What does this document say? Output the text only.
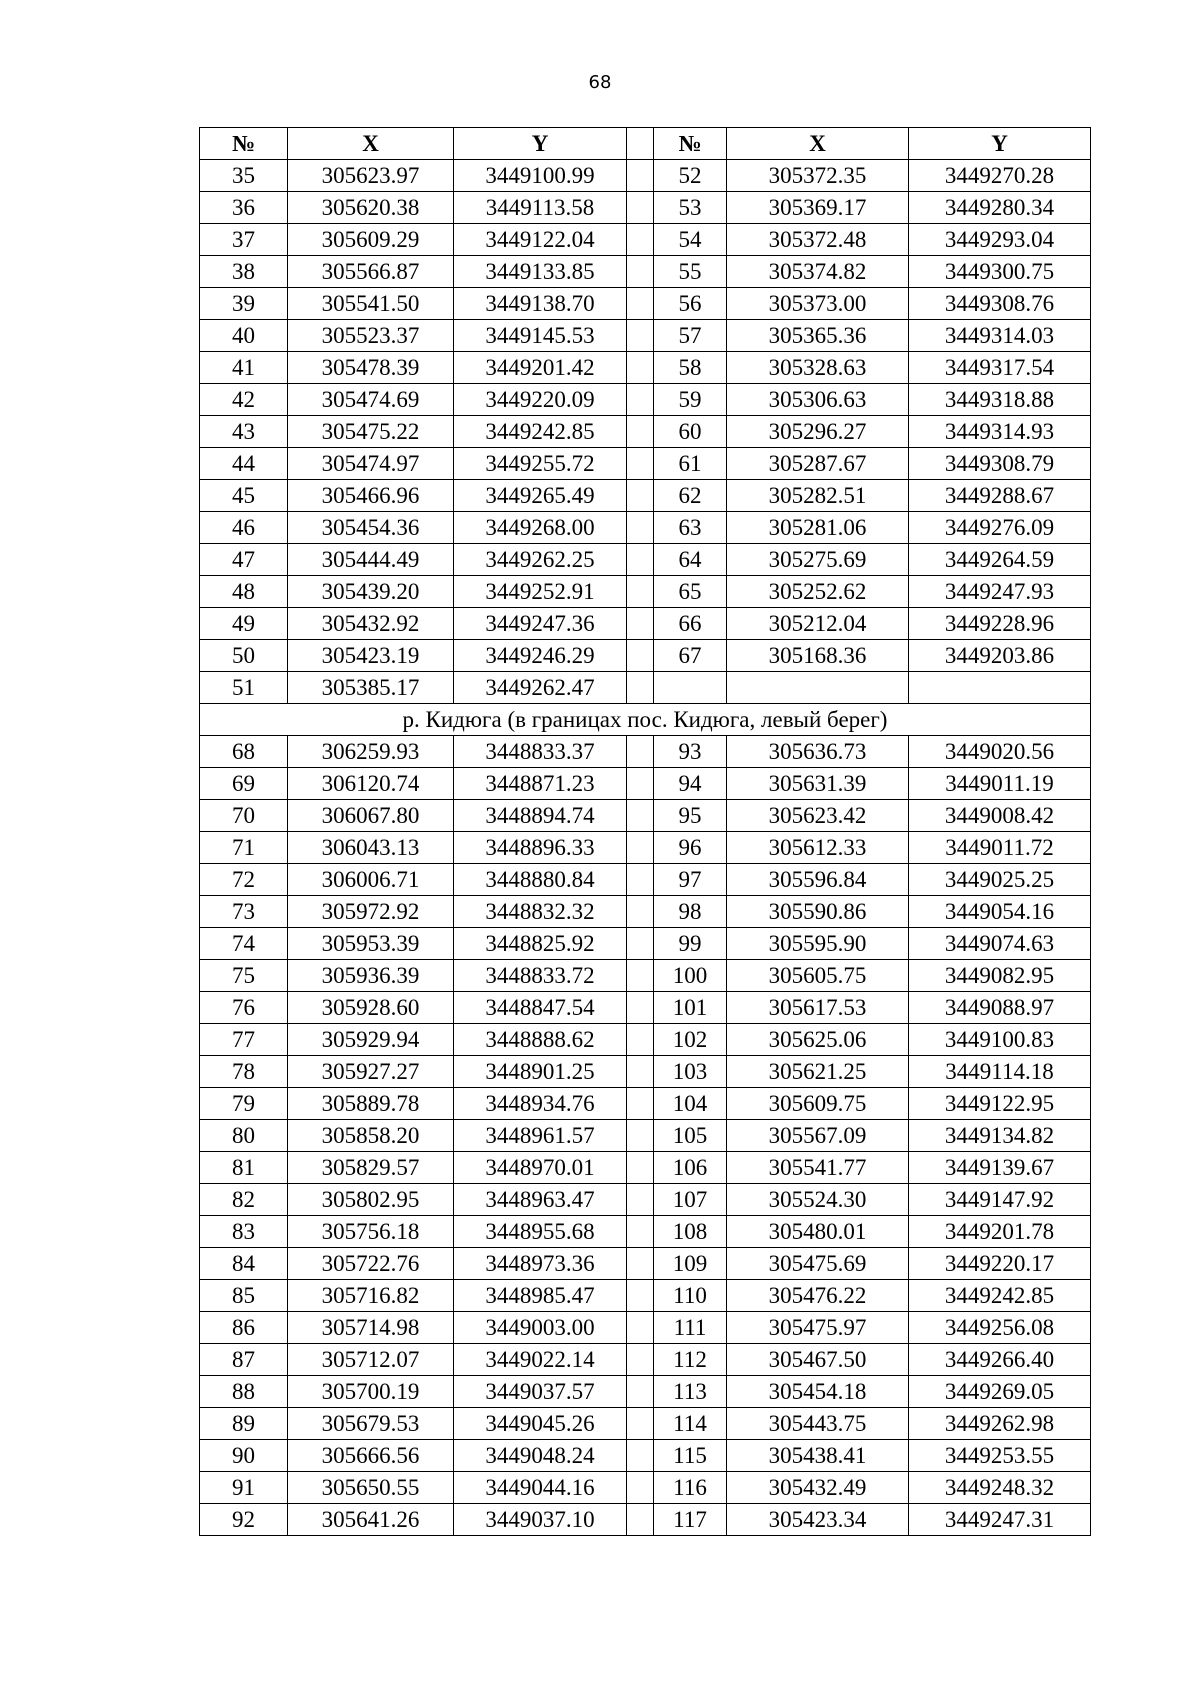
68
№	X	Y		№	X	Y
35	305623.97	3449100.99		52	305372.35	3449270.28
36	305620.38	3449113.58		53	305369.17	3449280.34
37	305609.29	3449122.04		54	305372.48	3449293.04
38	305566.87	3449133.85		55	305374.82	3449300.75
39	305541.50	3449138.70		56	305373.00	3449308.76
40	305523.37	3449145.53		57	305365.36	3449314.03
41	305478.39	3449201.42		58	305328.63	3449317.54
42	305474.69	3449220.09		59	305306.63	3449318.88
43	305475.22	3449242.85		60	305296.27	3449314.93
44	305474.97	3449255.72		61	305287.67	3449308.79
45	305466.96	3449265.49		62	305282.51	3449288.67
46	305454.36	3449268.00		63	305281.06	3449276.09
47	305444.49	3449262.25		64	305275.69	3449264.59
48	305439.20	3449252.91		65	305252.62	3449247.93
49	305432.92	3449247.36		66	305212.04	3449228.96
50	305423.19	3449246.29		67	305168.36	3449203.86
51	305385.17	3449262.47				
р. Кидюга (в границах пос. Кидюга, левый берег)						
68	306259.93	3448833.37		93	305636.73	3449020.56
69	306120.74	3448871.23		94	305631.39	3449011.19
70	306067.80	3448894.74		95	305623.42	3449008.42
71	306043.13	3448896.33		96	305612.33	3449011.72
72	306006.71	3448880.84		97	305596.84	3449025.25
73	305972.92	3448832.32		98	305590.86	3449054.16
74	305953.39	3448825.92		99	305595.90	3449074.63
75	305936.39	3448833.72		100	305605.75	3449082.95
76	305928.60	3448847.54		101	305617.53	3449088.97
77	305929.94	3448888.62		102	305625.06	3449100.83
78	305927.27	3448901.25		103	305621.25	3449114.18
79	305889.78	3448934.76		104	305609.75	3449122.95
80	305858.20	3448961.57		105	305567.09	3449134.82
81	305829.57	3448970.01		106	305541.77	3449139.67
82	305802.95	3448963.47		107	305524.30	3449147.92
83	305756.18	3448955.68		108	305480.01	3449201.78
84	305722.76	3448973.36		109	305475.69	3449220.17
85	305716.82	3448985.47		110	305476.22	3449242.85
86	305714.98	3449003.00		111	305475.97	3449256.08
87	305712.07	3449022.14		112	305467.50	3449266.40
88	305700.19	3449037.57		113	305454.18	3449269.05
89	305679.53	3449045.26		114	305443.75	3449262.98
90	305666.56	3449048.24		115	305438.41	3449253.55
91	305650.55	3449044.16		116	305432.49	3449248.32
92	305641.26	3449037.10		117	305423.34	3449247.31
